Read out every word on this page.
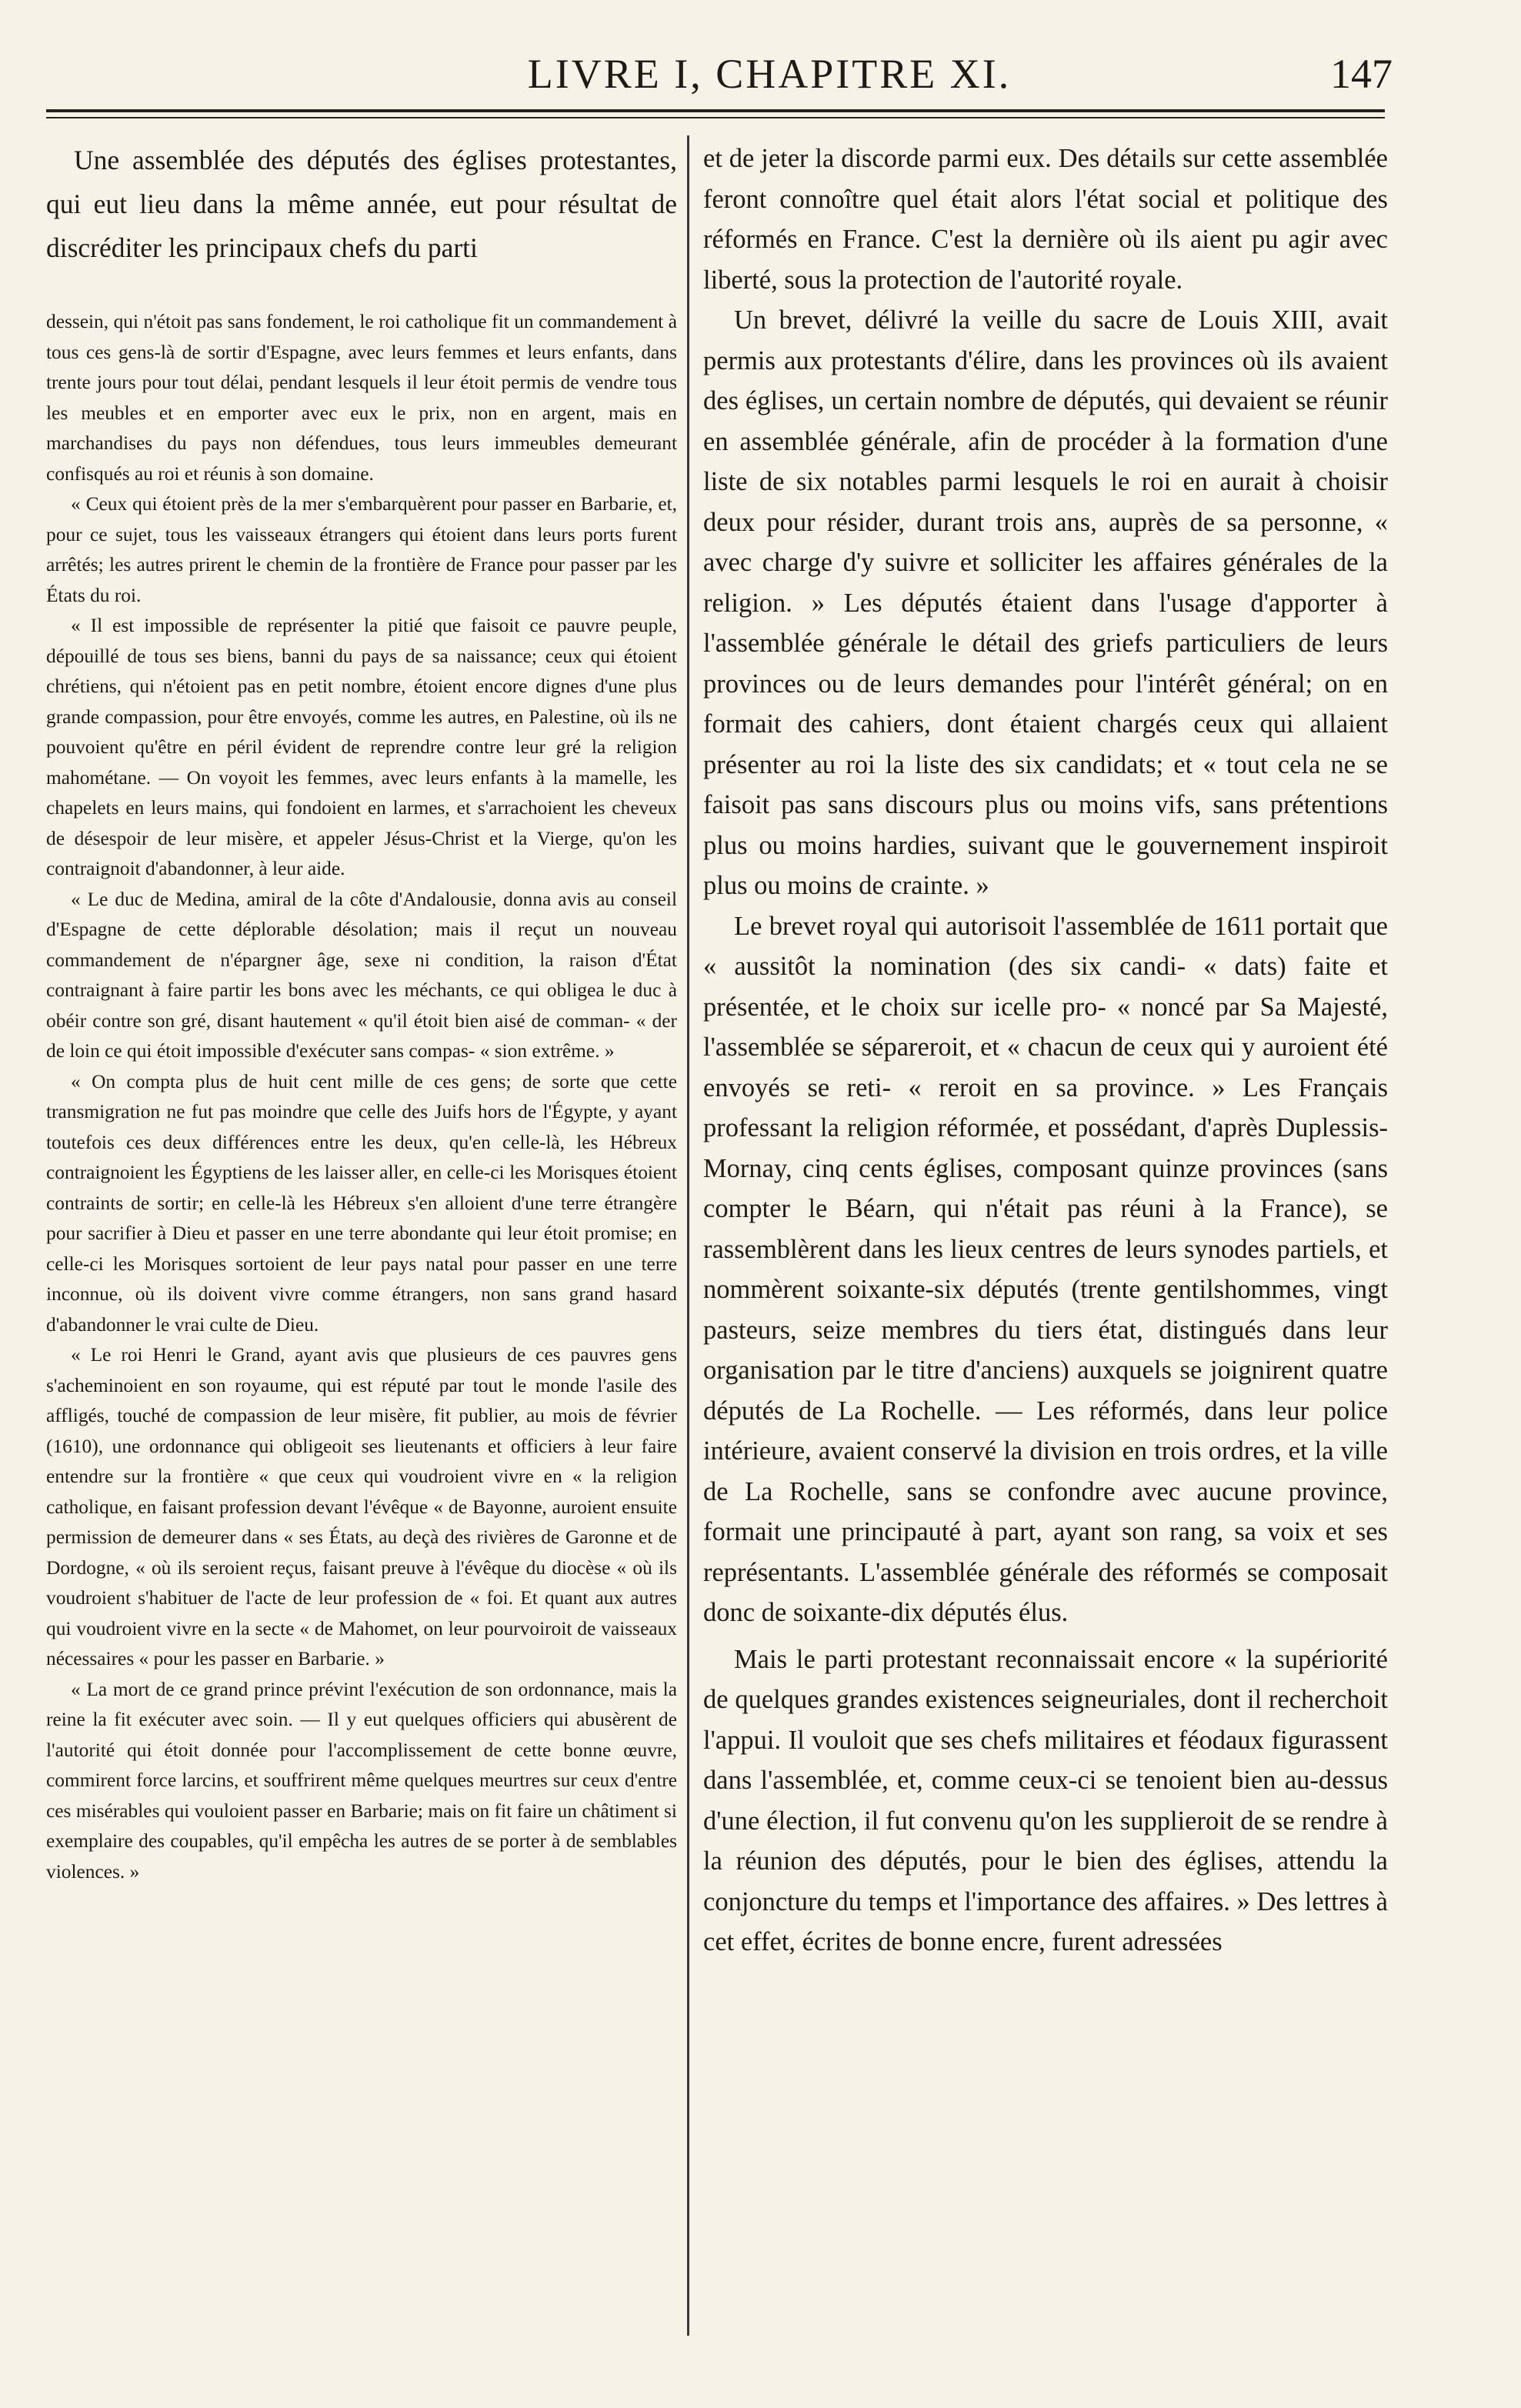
LIVRE I, CHAPITRE XI.	147

Une assemblée des députés des églises protestantes, qui eut lieu dans la même année, eut pour résultat de discréditer les principaux chefs du parti

dessein, qui n'étoit pas sans fondement, le roi catholique fit un commandement à tous ces gens-là de sortir d'Espagne, avec leurs femmes et leurs enfants, dans trente jours pour tout délai, pendant lesquels il leur étoit permis de vendre tous les meubles et en emporter avec eux le prix, non en argent, mais en marchandises du pays non défendues, tous leurs immeubles demeurant confisqués au roi et réunis à son domaine.

« Ceux qui étoient près de la mer s'embarquèrent pour passer en Barbarie, et, pour ce sujet, tous les vaisseaux étrangers qui étoient dans leurs ports furent arrêtés; les autres prirent le chemin de la frontière de France pour passer par les États du roi.

« Il est impossible de représenter la pitié que faisoit ce pauvre peuple, dépouillé de tous ses biens, banni du pays de sa naissance; ceux qui étoient chrétiens, qui n'étoient pas en petit nombre, étoient encore dignes d'une plus grande compassion, pour être envoyés, comme les autres, en Palestine, où ils ne pouvoient qu'être en péril évident de reprendre contre leur gré la religion mahométane. — On voyoit les femmes, avec leurs enfants à la mamelle, les chapelets en leurs mains, qui fondoient en larmes, et s'arrachoient les cheveux de désespoir de leur misère, et appeler Jésus-Christ et la Vierge, qu'on les contraignoit d'abandonner, à leur aide.

« Le duc de Medina, amiral de la côte d'Andalousie, donna avis au conseil d'Espagne de cette déplorable désolation; mais il reçut un nouveau commandement de n'épargner âge, sexe ni condition, la raison d'État contraignant à faire partir les bons avec les méchants, ce qui obligea le duc à obéir contre son gré, disant hautement « qu'il étoit bien aisé de comman- « der de loin ce qui étoit impossible d'exécuter sans compas- « sion extrême. »

« On compta plus de huit cent mille de ces gens; de sorte que cette transmigration ne fut pas moindre que celle des Juifs hors de l'Égypte, y ayant toutefois ces deux différences entre les deux, qu'en celle-là, les Hébreux contraignoient les Égyptiens de les laisser aller, en celle-ci les Morisques étoient contraints de sortir; en celle-là les Hébreux s'en alloient d'une terre étrangère pour sacrifier à Dieu et passer en une terre abondante qui leur étoit promise; en celle-ci les Morisques sortoient de leur pays natal pour passer en une terre inconnue, où ils doivent vivre comme étrangers, non sans grand hasard d'abandonner le vrai culte de Dieu.

« Le roi Henri le Grand, ayant avis que plusieurs de ces pauvres gens s'acheminoient en son royaume, qui est réputé par tout le monde l'asile des affligés, touché de compassion de leur misère, fit publier, au mois de février (1610), une ordonnance qui obligeoit ses lieutenants et officiers à leur faire entendre sur la frontière « que ceux qui voudroient vivre en « la religion catholique, en faisant profession devant l'évêque « de Bayonne, auroient ensuite permission de demeurer dans « ses États, au deçà des rivières de Garonne et de Dordogne, « où ils seroient reçus, faisant preuve à l'évêque du diocèse « où ils voudroient s'habituer de l'acte de leur profession de « foi. Et quant aux autres qui voudroient vivre en la secte « de Mahomet, on leur pourvoiroit de vaisseaux nécessaires « pour les passer en Barbarie. »

« La mort de ce grand prince prévint l'exécution de son ordonnance, mais la reine la fit exécuter avec soin. — Il y eut quelques officiers qui abusèrent de l'autorité qui étoit donnée pour l'accomplissement de cette bonne œuvre, commirent force larcins, et souffrirent même quelques meurtres sur ceux d'entre ces misérables qui vouloient passer en Barbarie; mais on fit faire un châtiment si exemplaire des coupables, qu'il empêcha les autres de se porter à de semblables violences. »

et de jeter la discorde parmi eux. Des détails sur cette assemblée feront connoître quel était alors l'état social et politique des réformés en France. C'est la dernière où ils aient pu agir avec liberté, sous la protection de l'autorité royale.

Un brevet, délivré la veille du sacre de Louis XIII, avait permis aux protestants d'élire, dans les provinces où ils avaient des églises, un certain nombre de députés, qui devaient se réunir en assemblée générale, afin de procéder à la formation d'une liste de six notables parmi lesquels le roi en aurait à choisir deux pour résider, durant trois ans, auprès de sa personne, « avec charge d'y suivre et solliciter les affaires générales de la religion. » Les députés étaient dans l'usage d'apporter à l'assemblée générale le détail des griefs particuliers de leurs provinces ou de leurs demandes pour l'intérêt général; on en formait des cahiers, dont étaient chargés ceux qui allaient présenter au roi la liste des six candidats; et « tout cela ne se faisoit pas sans discours plus ou moins vifs, sans prétentions plus ou moins hardies, suivant que le gouvernement inspiroit plus ou moins de crainte. »

Le brevet royal qui autorisoit l'assemblée de 1611 portait que « aussitôt la nomination (des six candi- « dats) faite et présentée, et le choix sur icelle pro- « noncé par Sa Majesté, l'assemblée se sépareroit, et « chacun de ceux qui y auroient été envoyés se reti- « reroit en sa province. » Les Français professant la religion réformée, et possédant, d'après Duplessis-Mornay, cinq cents églises, composant quinze provinces (sans compter le Béarn, qui n'était pas réuni à la France), se rassemblèrent dans les lieux centres de leurs synodes partiels, et nommèrent soixante-six députés (trente gentilshommes, vingt pasteurs, seize membres du tiers état, distingués dans leur organisation par le titre d'anciens) auxquels se joignirent quatre députés de La Rochelle. — Les réformés, dans leur police intérieure, avaient conservé la division en trois ordres, et la ville de La Rochelle, sans se confondre avec aucune province, formait une principauté à part, ayant son rang, sa voix et ses représentants. L'assemblée générale des réformés se composait donc de soixante-dix députés élus.

Mais le parti protestant reconnaissait encore « la supériorité de quelques grandes existences seigneuriales, dont il recherchoit l'appui. Il vouloit que ses chefs militaires et féodaux figurassent dans l'assemblée, et, comme ceux-ci se tenoient bien au-dessus d'une élection, il fut convenu qu'on les supplieroit de se rendre à la réunion des députés, pour le bien des églises, attendu la conjoncture du temps et l'importance des affaires. » Des lettres à cet effet, écrites de bonne encre, furent adressées
